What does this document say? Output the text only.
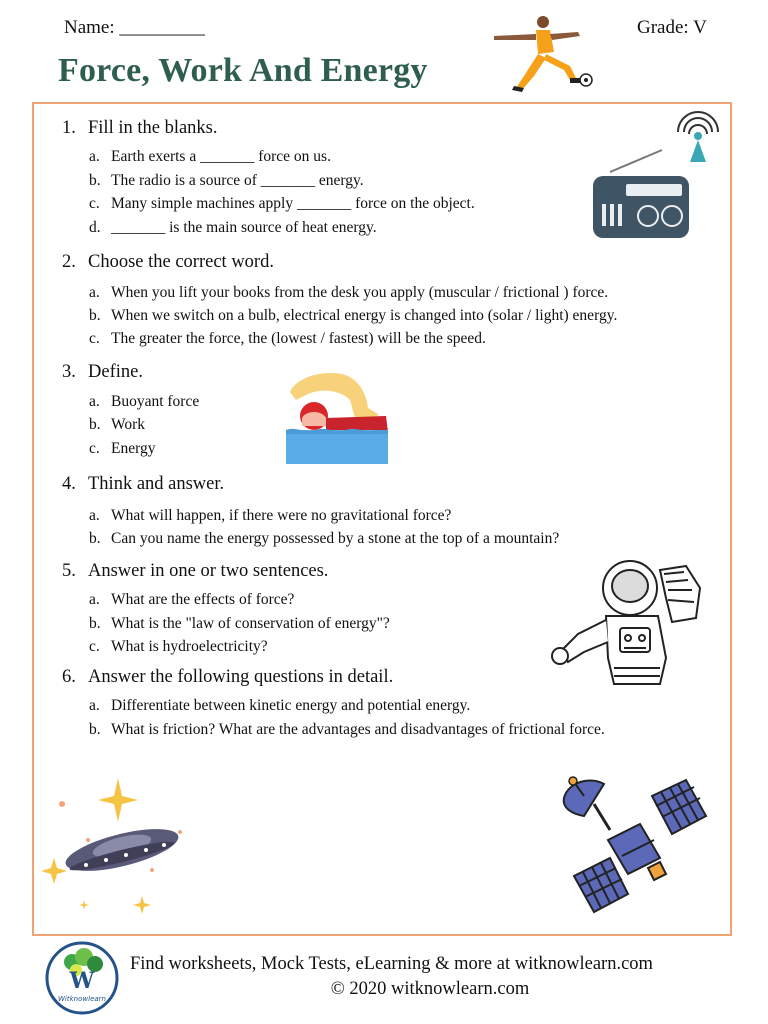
Name: _________	Grade: V
Force, Work And Energy
1. Fill in the blanks.
a. Earth exerts a _______ force on us.
b. The radio is a source of _______ energy.
c. Many simple machines apply _______ force on the object.
d. _______ is the main source of heat energy.
2. Choose the correct word.
a. When you lift your books from the desk you apply (muscular / frictional ) force.
b. When we switch on a bulb, electrical energy is changed into (solar / light) energy.
c. The greater the force, the (lowest / fastest) will be the speed.
3. Define.
a. Buoyant force
b. Work
c. Energy
4. Think and answer.
a. What will happen, if there were no gravitational force?
b. Can you name the energy possessed by a stone at the top of a mountain?
5. Answer in one or two sentences.
a. What are the effects of force?
b. What is the "law of conservation of energy"?
c. What is hydroelectricity?
6. Answer the following questions in detail.
a. Differentiate between kinetic energy and potential energy.
b. What is friction? What are the advantages and disadvantages of frictional force.
W
Witknowlearn
Find worksheets, Mock Tests, eLearning & more at witknowlearn.com
© 2020 witknowlearn.com
